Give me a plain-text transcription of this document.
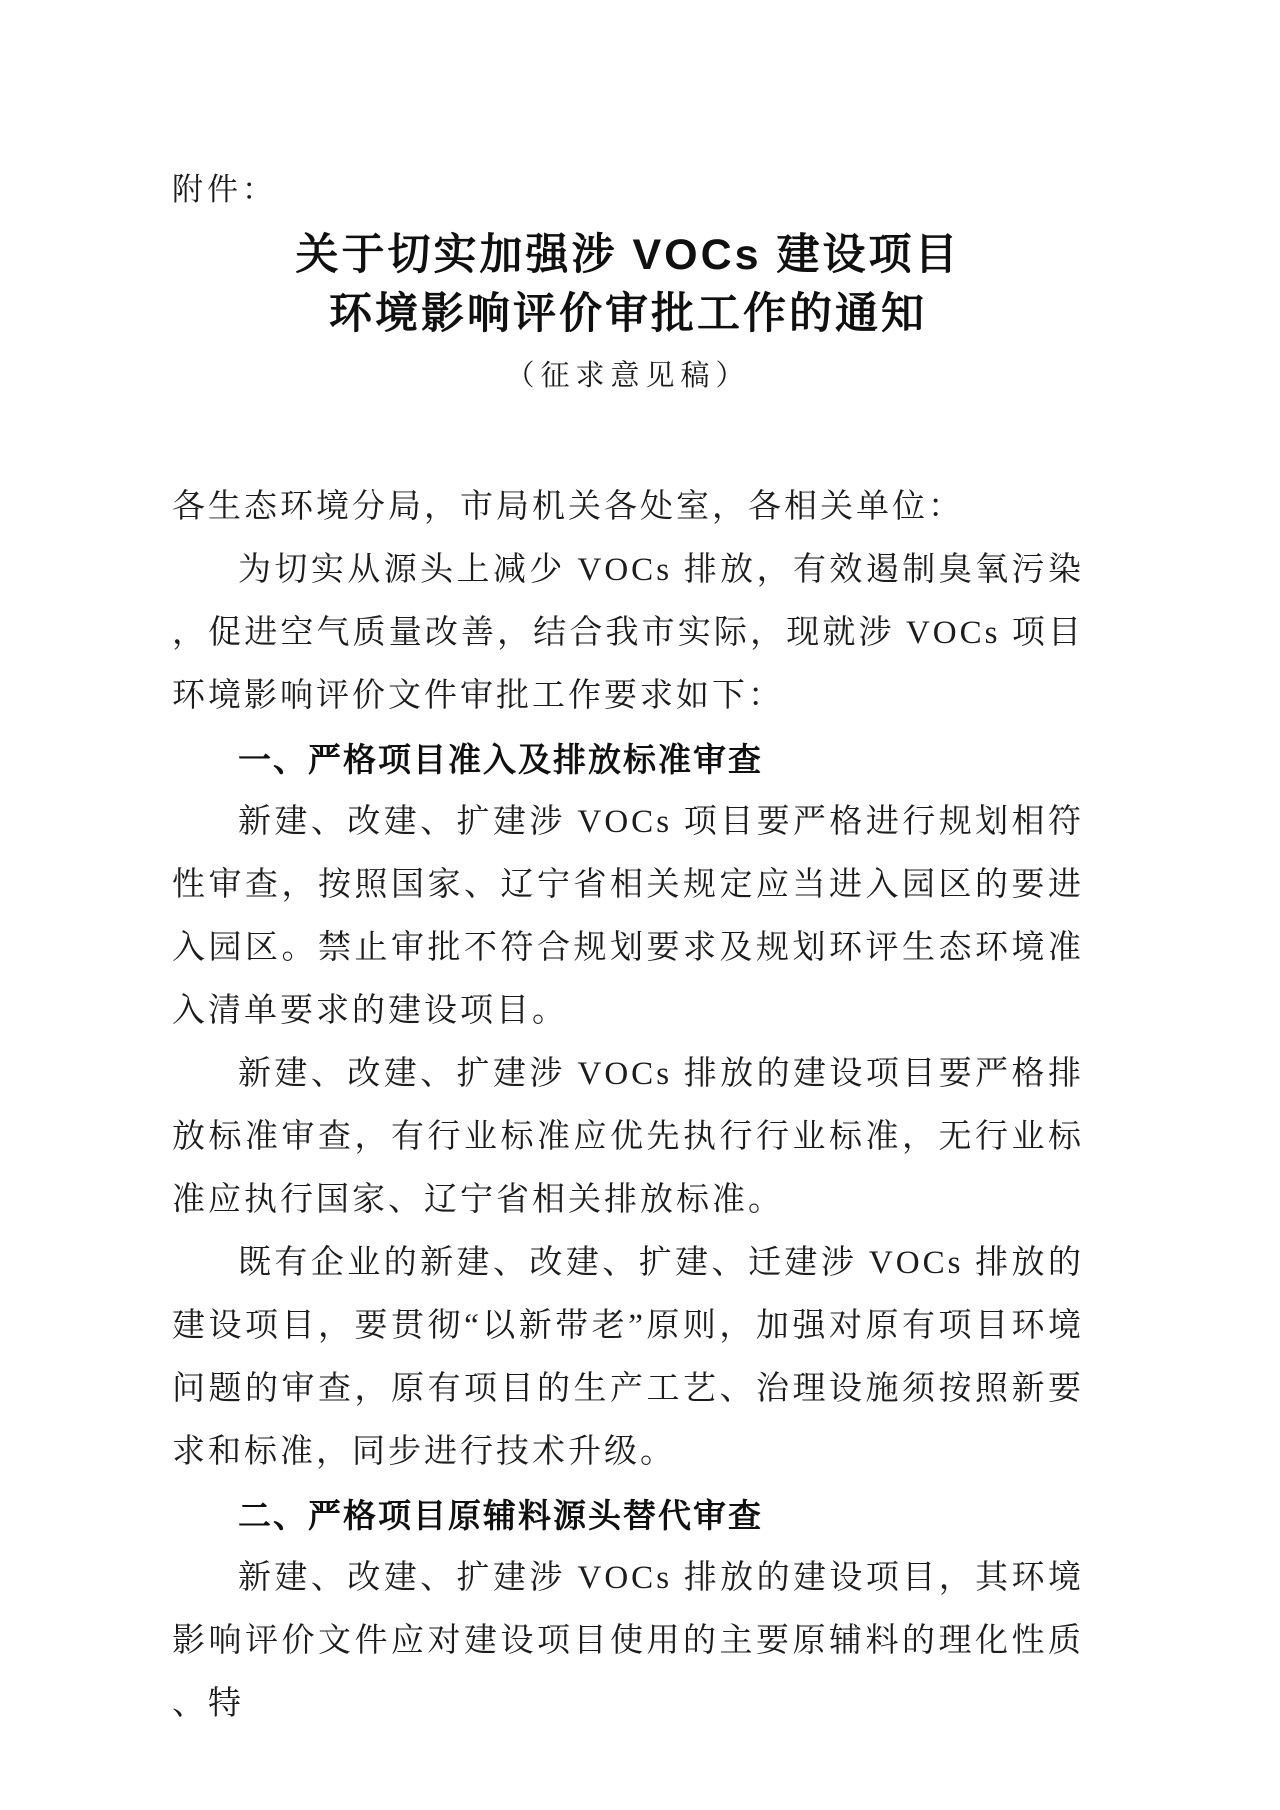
附件：
关于切实加强涉 VOCs 建设项目
环境影响评价审批工作的通知
（征求意见稿）

各生态环境分局，市局机关各处室，各相关单位：

为切实从源头上减少 VOCs 排放，有效遏制臭氧污染，促进空气质量改善，结合我市实际，现就涉 VOCs 项目环境影响评价文件审批工作要求如下：

一、严格项目准入及排放标准审查

新建、改建、扩建涉 VOCs 项目要严格进行规划相符性审查，按照国家、辽宁省相关规定应当进入园区的要进入园区。禁止审批不符合规划要求及规划环评生态环境准入清单要求的建设项目。

新建、改建、扩建涉 VOCs 排放的建设项目要严格排放标准审查，有行业标准应优先执行行业标准，无行业标准应执行国家、辽宁省相关排放标准。

既有企业的新建、改建、扩建、迁建涉 VOCs 排放的建设项目，要贯彻“以新带老”原则，加强对原有项目环境问题的审查，原有项目的生产工艺、治理设施须按照新要求和标准，同步进行技术升级。

二、严格项目原辅料源头替代审查

新建、改建、扩建涉 VOCs 排放的建设项目，其环境影响评价文件应对建设项目使用的主要原辅料的理化性质、特
